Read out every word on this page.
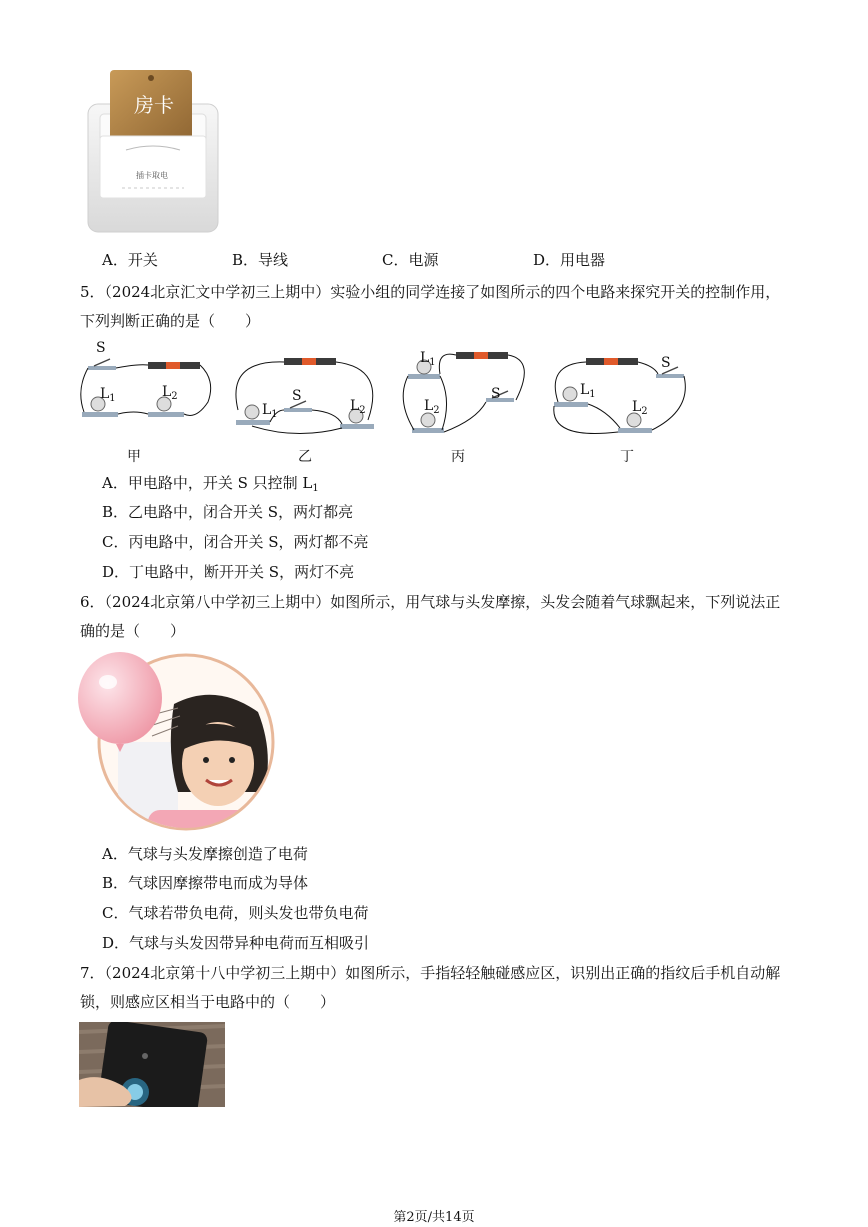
房卡
插卡取电
A．开关	B．导线	C．电源	D．用电器
5．（2024北京汇文中学初三上期中）实验小组的同学连接了如图所示的四个电路来探究开关的控制作用，
下列判断正确的是（　　）
S
$L_1$	$L_2$	S
$L_1$
$L_2$
$L_1$
S
$L_2$
S
$L_1$
$L_2$
甲	乙	丙	丁
A．甲电路中，开关 S 只控制 $L_1$
B．乙电路中，闭合开关 S，两灯都亮
C．丙电路中，闭合开关 S，两灯都不亮
D．丁电路中，断开开关 S，两灯不亮
6．（2024北京第八中学初三上期中）如图所示，用气球与头发摩擦，头发会随着气球飘起来，下列说法正
确的是（　　）
A．气球与头发摩擦创造了电荷
B．气球因摩擦带电而成为导体
C．气球若带负电荷，则头发也带负电荷
D．气球与头发因带异种电荷而互相吸引
7．（2024北京第十八中学初三上期中）如图所示，手指轻轻触碰感应区，识别出正确的指纹后手机自动解
锁，则感应区相当于电路中的（　　）
第2页/共14页
